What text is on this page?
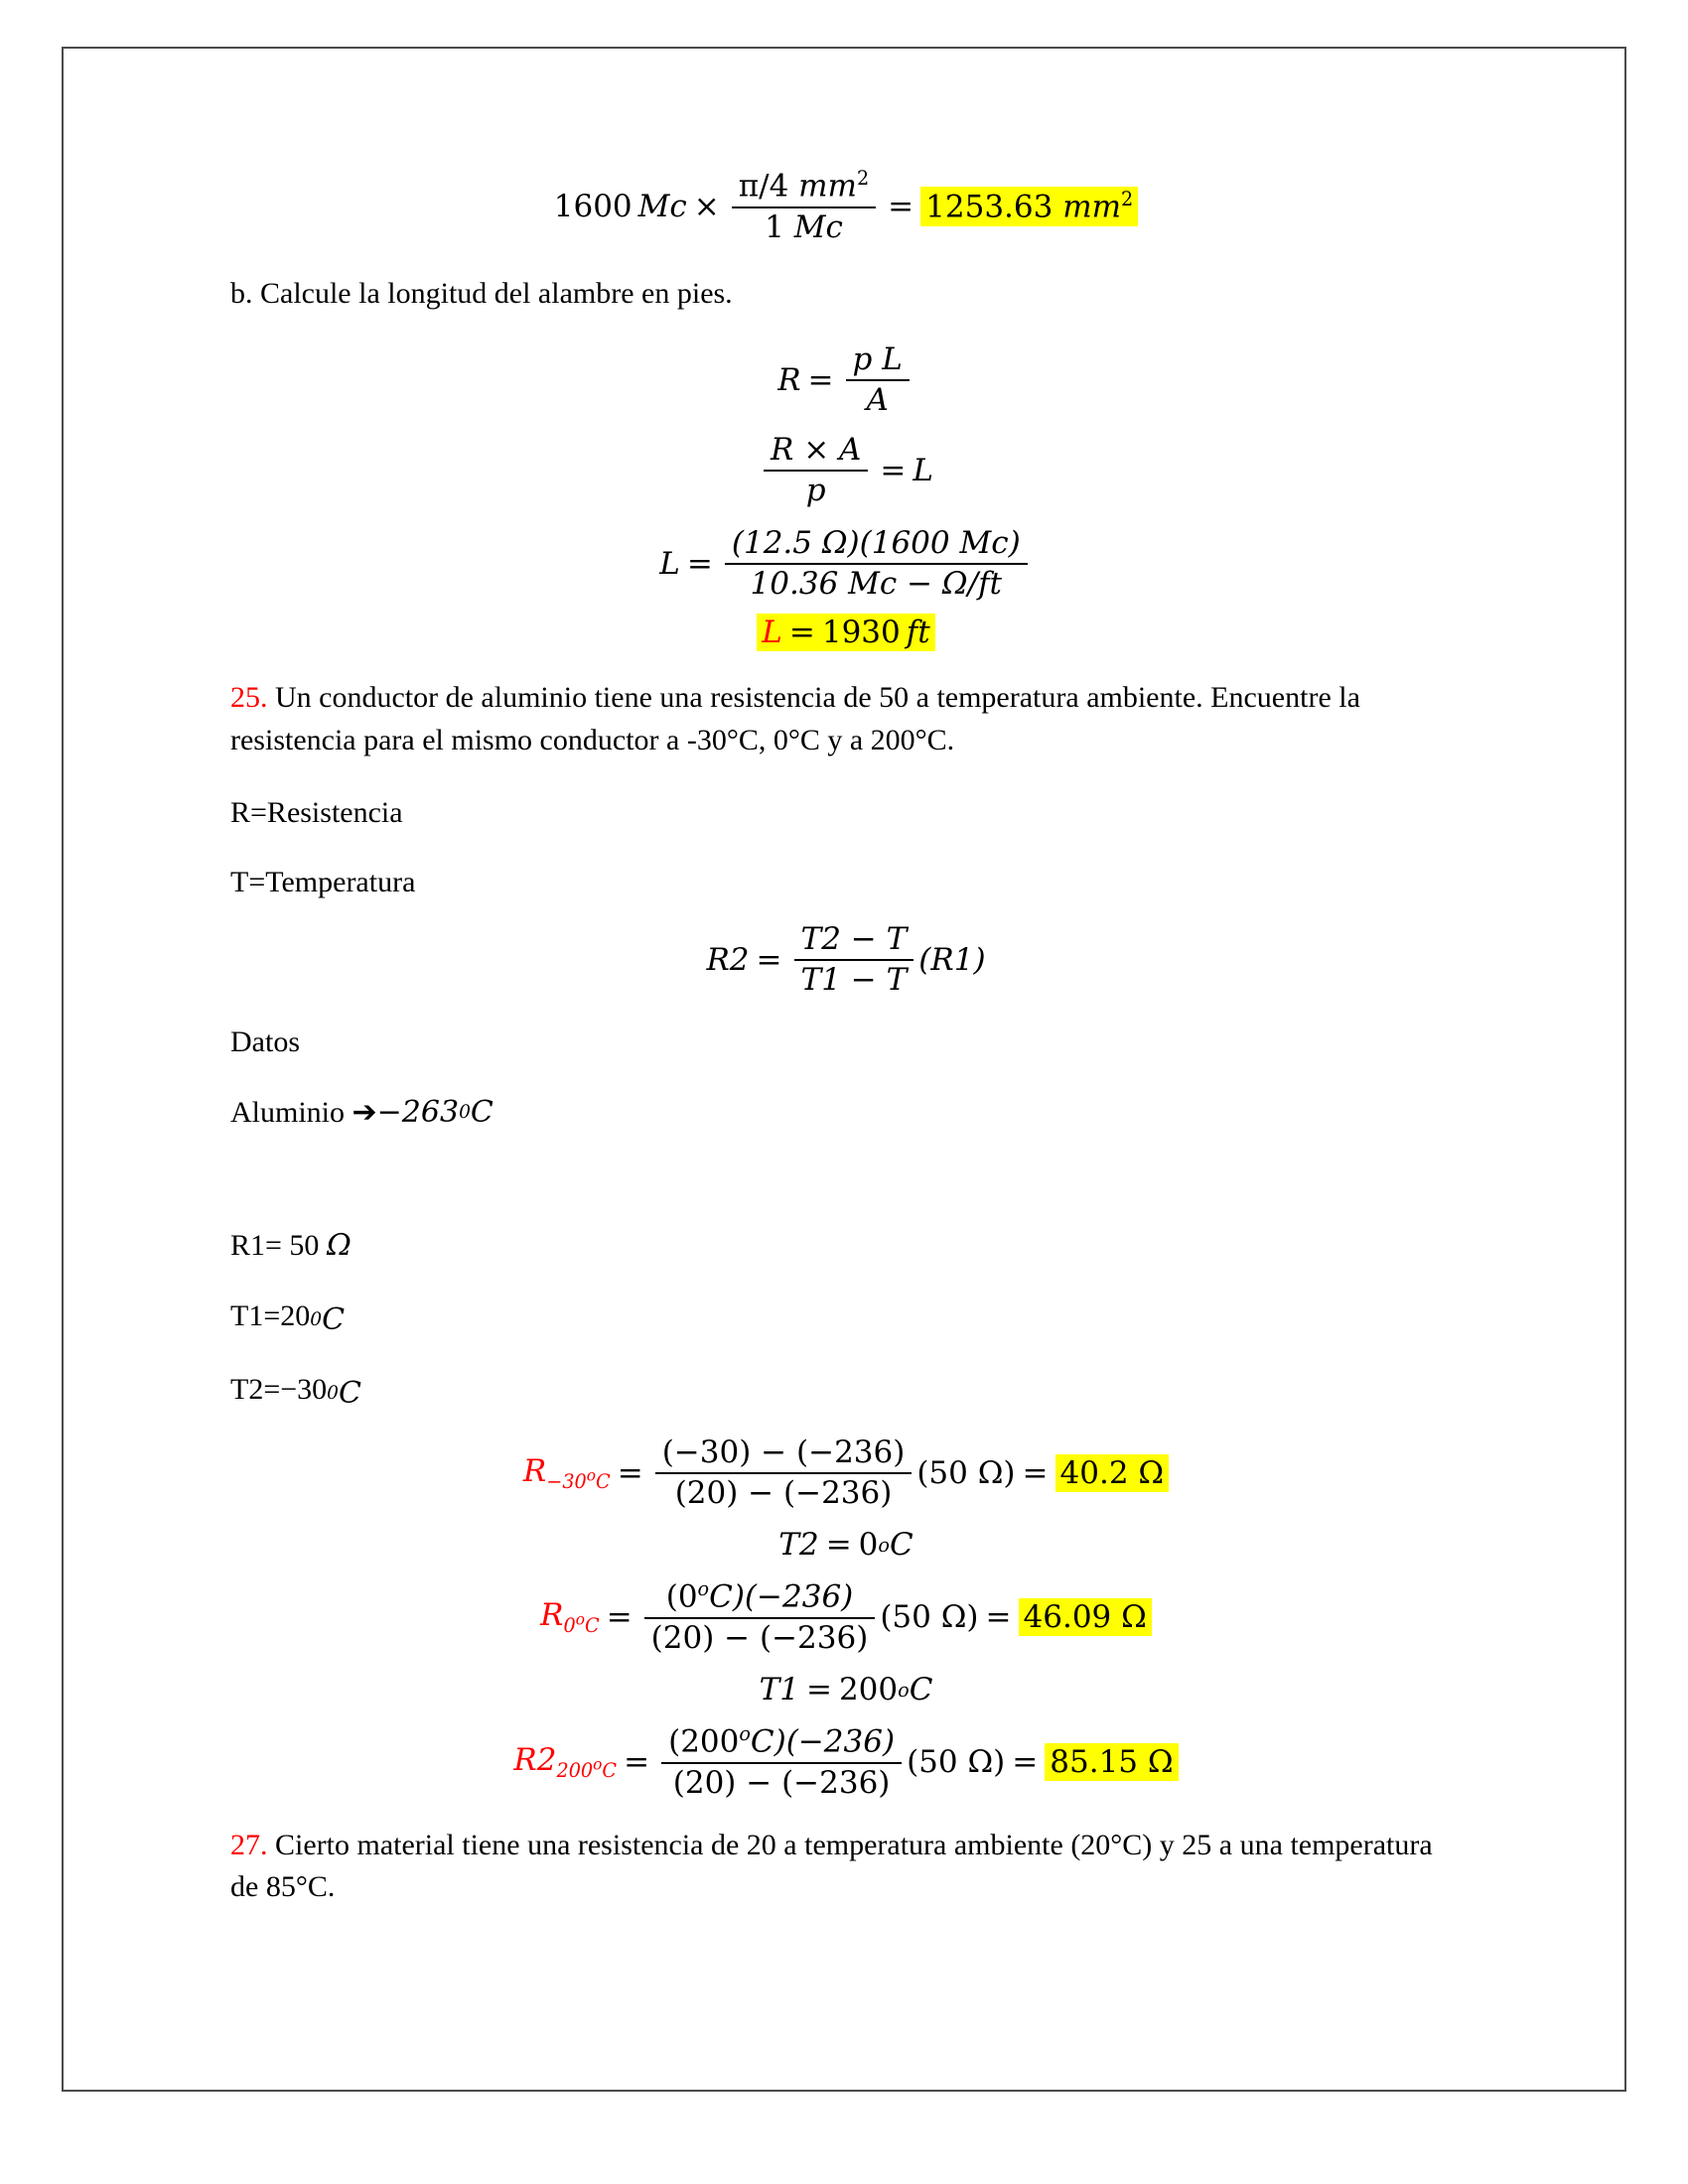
1600 $Mc \times \frac{\pi/4 mm^2}{1 Mc} = 1253.63$ $mm^2$

b. Calcule la longitud del alambre en pies.

$R = \frac{\text{p L}}{A}$
$\frac{R \times A}{p} = L$
$L = \frac{(12.5 \Omega)(1600 Mc)}{10.36 Mc - \Omega/ft}$
L = 1930 ft

25. Un conductor de aluminio tiene una resistencia de 50 a temperatura ambiente. Encuentre la resistencia para el mismo conductor a -30°C, 0°C y a 200°C.

R=Resistencia

T=Temperatura

$R2 = \frac{T2 - T}{T1 - T} (R1)$

Datos

Aluminio ➔ −263 0 C

R1= 50 Ω

T1=20 0 C

T2=−30 0 C

$R_{-30^oC} = \frac{(-30) - (-236)}{(20) - (-236)} (50$ Ω) = 40.2 Ω
T2 = 0 o C
$R_{0^oC} = \frac{(0^oC)(-236)}{(20) - (-236)} (50$ Ω) = 46.09 Ω
T1 = 200 o C
$R2_{200^oC} = \frac{(200^oC)(-236)}{(20) - (-236)} (50$ Ω) = 85.15 Ω

27. Cierto material tiene una resistencia de 20 a temperatura ambiente (20°C) y 25 a una temperatura de 85°C.
